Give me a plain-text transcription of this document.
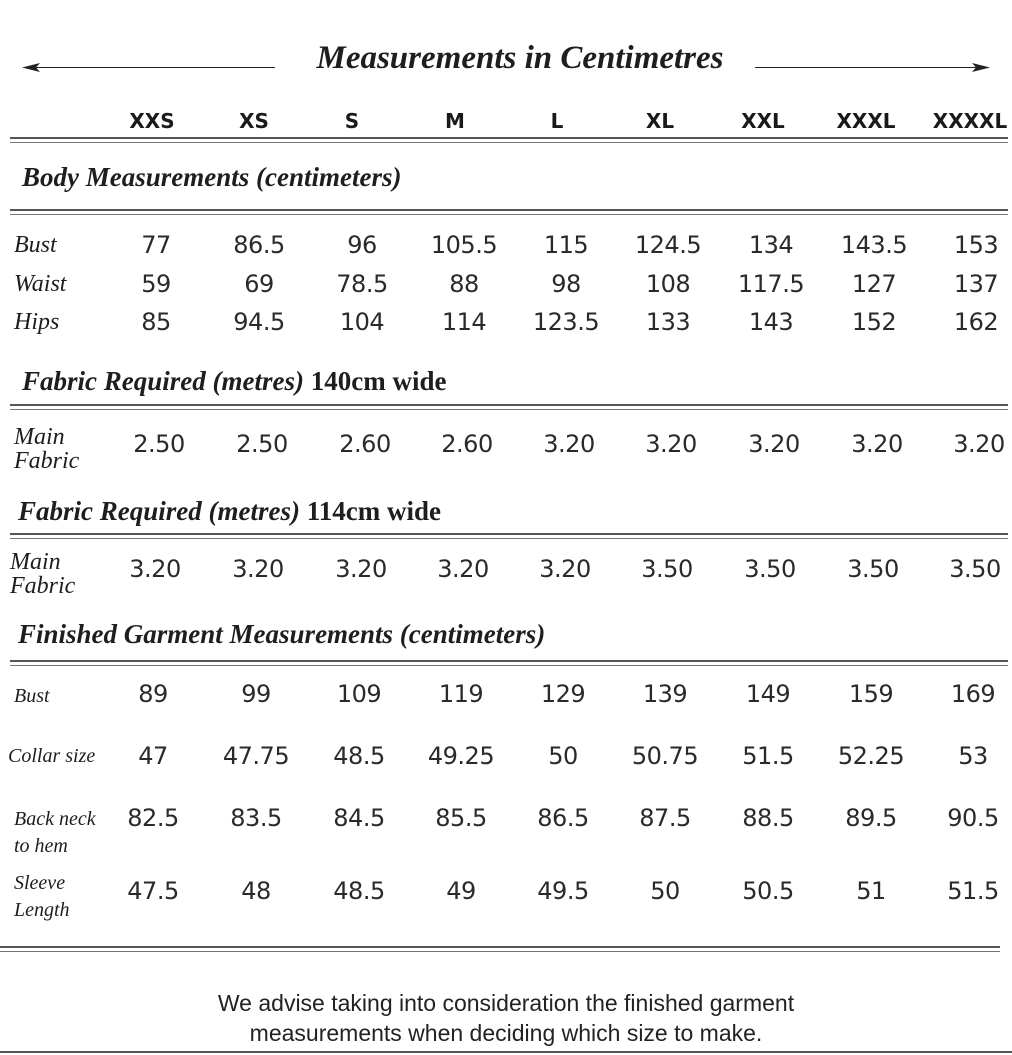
Measurements in Centimetres
XXS	XS	S	M	L	XL	XXL	XXXL XXXXL
Body Measurements (centimeters)
Bust	77	86.5	96 105.5 115 124.5 134 143.5 153
Waist	59	69	78.5	88	98	108 117.5 127 137
Hips	85	94.5 104 114 123.5 133 143 152 162
Fabric Required (metres) 140cm wide
Main
Fabric
2.50 2.50 2.60 2.60 3.20 3.20 3.20 3.20 3.20
Fabric Required (metres) 114cm wide
Main
Fabric
3.20 3.20 3.20 3.20 3.20 3.50 3.50 3.50 3.50
Finished Garment Measurements (centimeters)
Bust	89	99	109 119 129 139 149 159 169
Collar size 47 47.75 48.5 49.25 50 50.75 51.5 52.25 53
Back neck
to hem
82.5 83.5 84.5 85.5 86.5 87.5 88.5 89.5 90.5
Sleeve
Length
47.5	48	48.5	49	49.5	50	50.5	51	51.5
We advise taking into consideration the finished garment
measurements when deciding which size to make.
